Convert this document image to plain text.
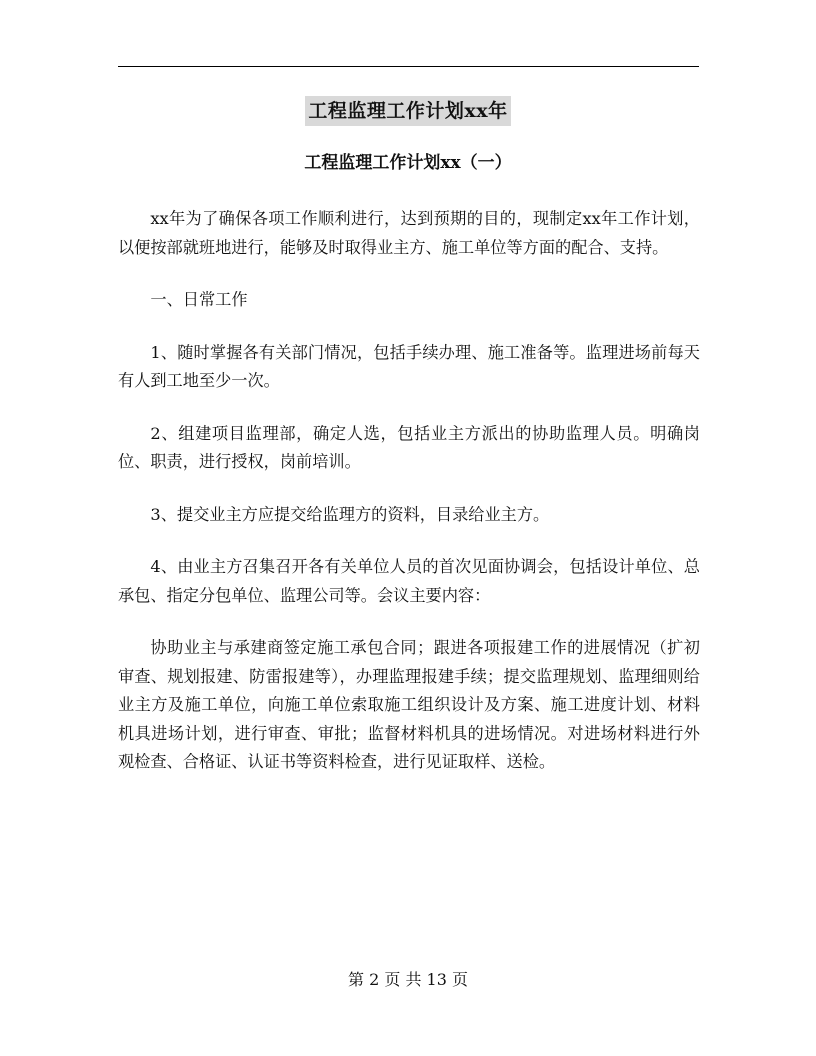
工程监理工作计划xx年
工程监理工作计划xx（一）

xx年为了确保各项工作顺利进行，达到预期的目的，现制定xx年工作计划，以便按部就班地进行，能够及时取得业主方、施工单位等方面的配合、支持。

一、日常工作

1、随时掌握各有关部门情况，包括手续办理、施工准备等。监理进场前每天有人到工地至少一次。

2、组建项目监理部，确定人选，包括业主方派出的协助监理人员。明确岗位、职责，进行授权，岗前培训。

3、提交业主方应提交给监理方的资料，目录给业主方。

4、由业主方召集召开各有关单位人员的首次见面协调会，包括设计单位、总承包、指定分包单位、监理公司等。会议主要内容：

协助业主与承建商签定施工承包合同；跟进各项报建工作的进展情况（扩初审查、规划报建、防雷报建等），办理监理报建手续；提交监理规划、监理细则给业主方及施工单位，向施工单位索取施工组织设计及方案、施工进度计划、材料机具进场计划，进行审查、审批；监督材料机具的进场情况。对进场材料进行外观检查、合格证、认证书等资料检查，进行见证取样、送检。

第 2 页 共 13 页
